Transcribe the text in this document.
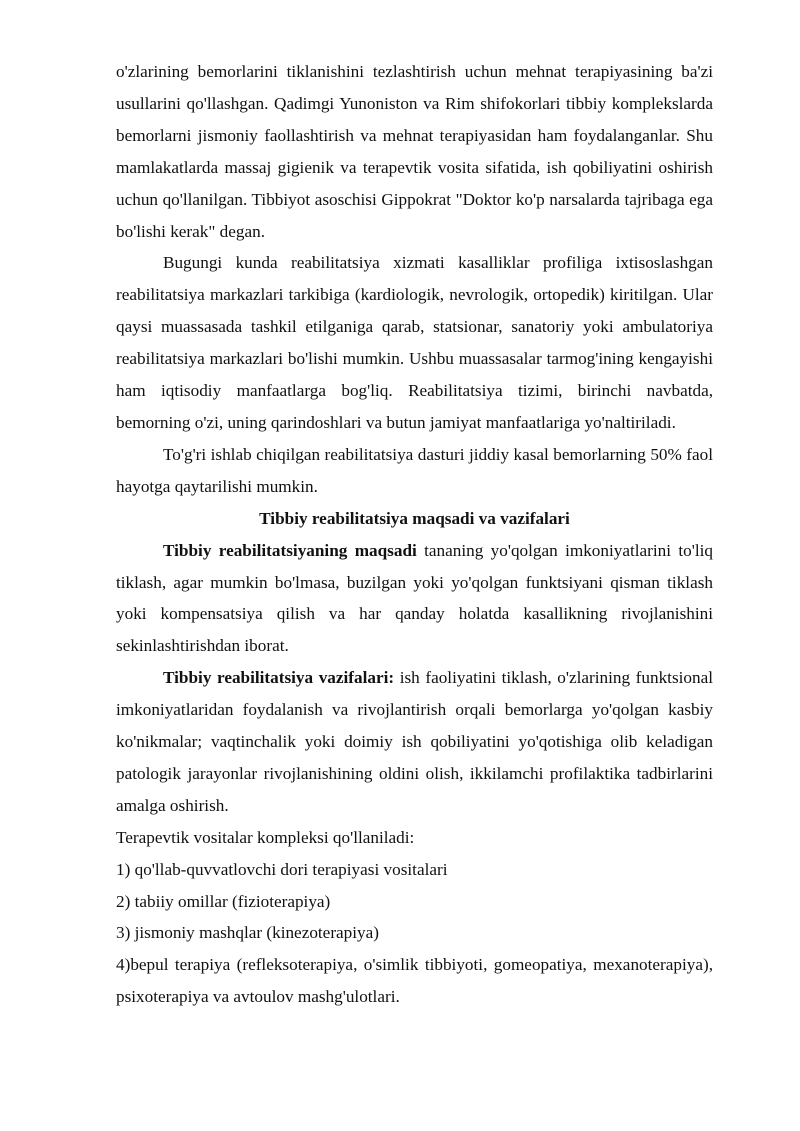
o'zlarining bemorlarini tiklanishini tezlashtirish uchun mehnat terapiyasining ba'zi usullarini qo'llashgan. Qadimgi Yunoniston va Rim shifokorlari tibbiy komplekslarda bemorlarni jismoniy faollashtirish va mehnat terapiyasidan ham foydalanganlar. Shu mamlakatlarda massaj gigienik va terapevtik vosita sifatida, ish qobiliyatini oshirish uchun qo'llanilgan. Tibbiyot asoschisi Gippokrat "Doktor ko'p narsalarda tajribaga ega bo'lishi kerak" degan.

Bugungi kunda reabilitatsiya xizmati kasalliklar profiliga ixtisoslashgan reabilitatsiya markazlari tarkibiga (kardiologik, nevrologik, ortopedik) kiritilgan. Ular qaysi muassasada tashkil etilganiga qarab, statsionar, sanatoriy yoki ambulatoriya reabilitatsiya markazlari bo'lishi mumkin. Ushbu muassasalar tarmog'ining kengayishi ham iqtisodiy manfaatlarga bog'liq. Reabilitatsiya tizimi, birinchi navbatda, bemorning o'zi, uning qarindoshlari va butun jamiyat manfaatlariga yo'naltiriladi.

To'g'ri ishlab chiqilgan reabilitatsiya dasturi jiddiy kasal bemorlarning 50% faol hayotga qaytarilishi mumkin.

Tibbiy reabilitatsiya maqsadi va vazifalari

Tibbiy reabilitatsiyaning maqsadi tananing yo'qolgan imkoniyatlarini to'liq tiklash, agar mumkin bo'lmasa, buzilgan yoki yo'qolgan funktsiyani qisman tiklash yoki kompensatsiya qilish va har qanday holatda kasallikning rivojlanishini sekinlashtirishdan iborat.

Tibbiy reabilitatsiya vazifalari: ish faoliyatini tiklash, o'zlarining funktsional imkoniyatlaridan foydalanish va rivojlantirish orqali bemorlarga yo'qolgan kasbiy ko'nikmalar; vaqtinchalik yoki doimiy ish qobiliyatini yo'qotishiga olib keladigan patologik jarayonlar rivojlanishining oldini olish, ikkilamchi profilaktika tadbirlarini amalga oshirish.

Terapevtik vositalar kompleksi qo'llaniladi:

1) qo'llab-quvvatlovchi dori terapiyasi vositalari

2) tabiiy omillar (fizioterapiya)

3) jismoniy mashqlar (kinezoterapiya)

4)bepul terapiya (refleksoterapiya, o'simlik tibbiyoti, gomeopatiya, mexanoterapiya), psixoterapiya va avtoulov mashg'ulotlari.
